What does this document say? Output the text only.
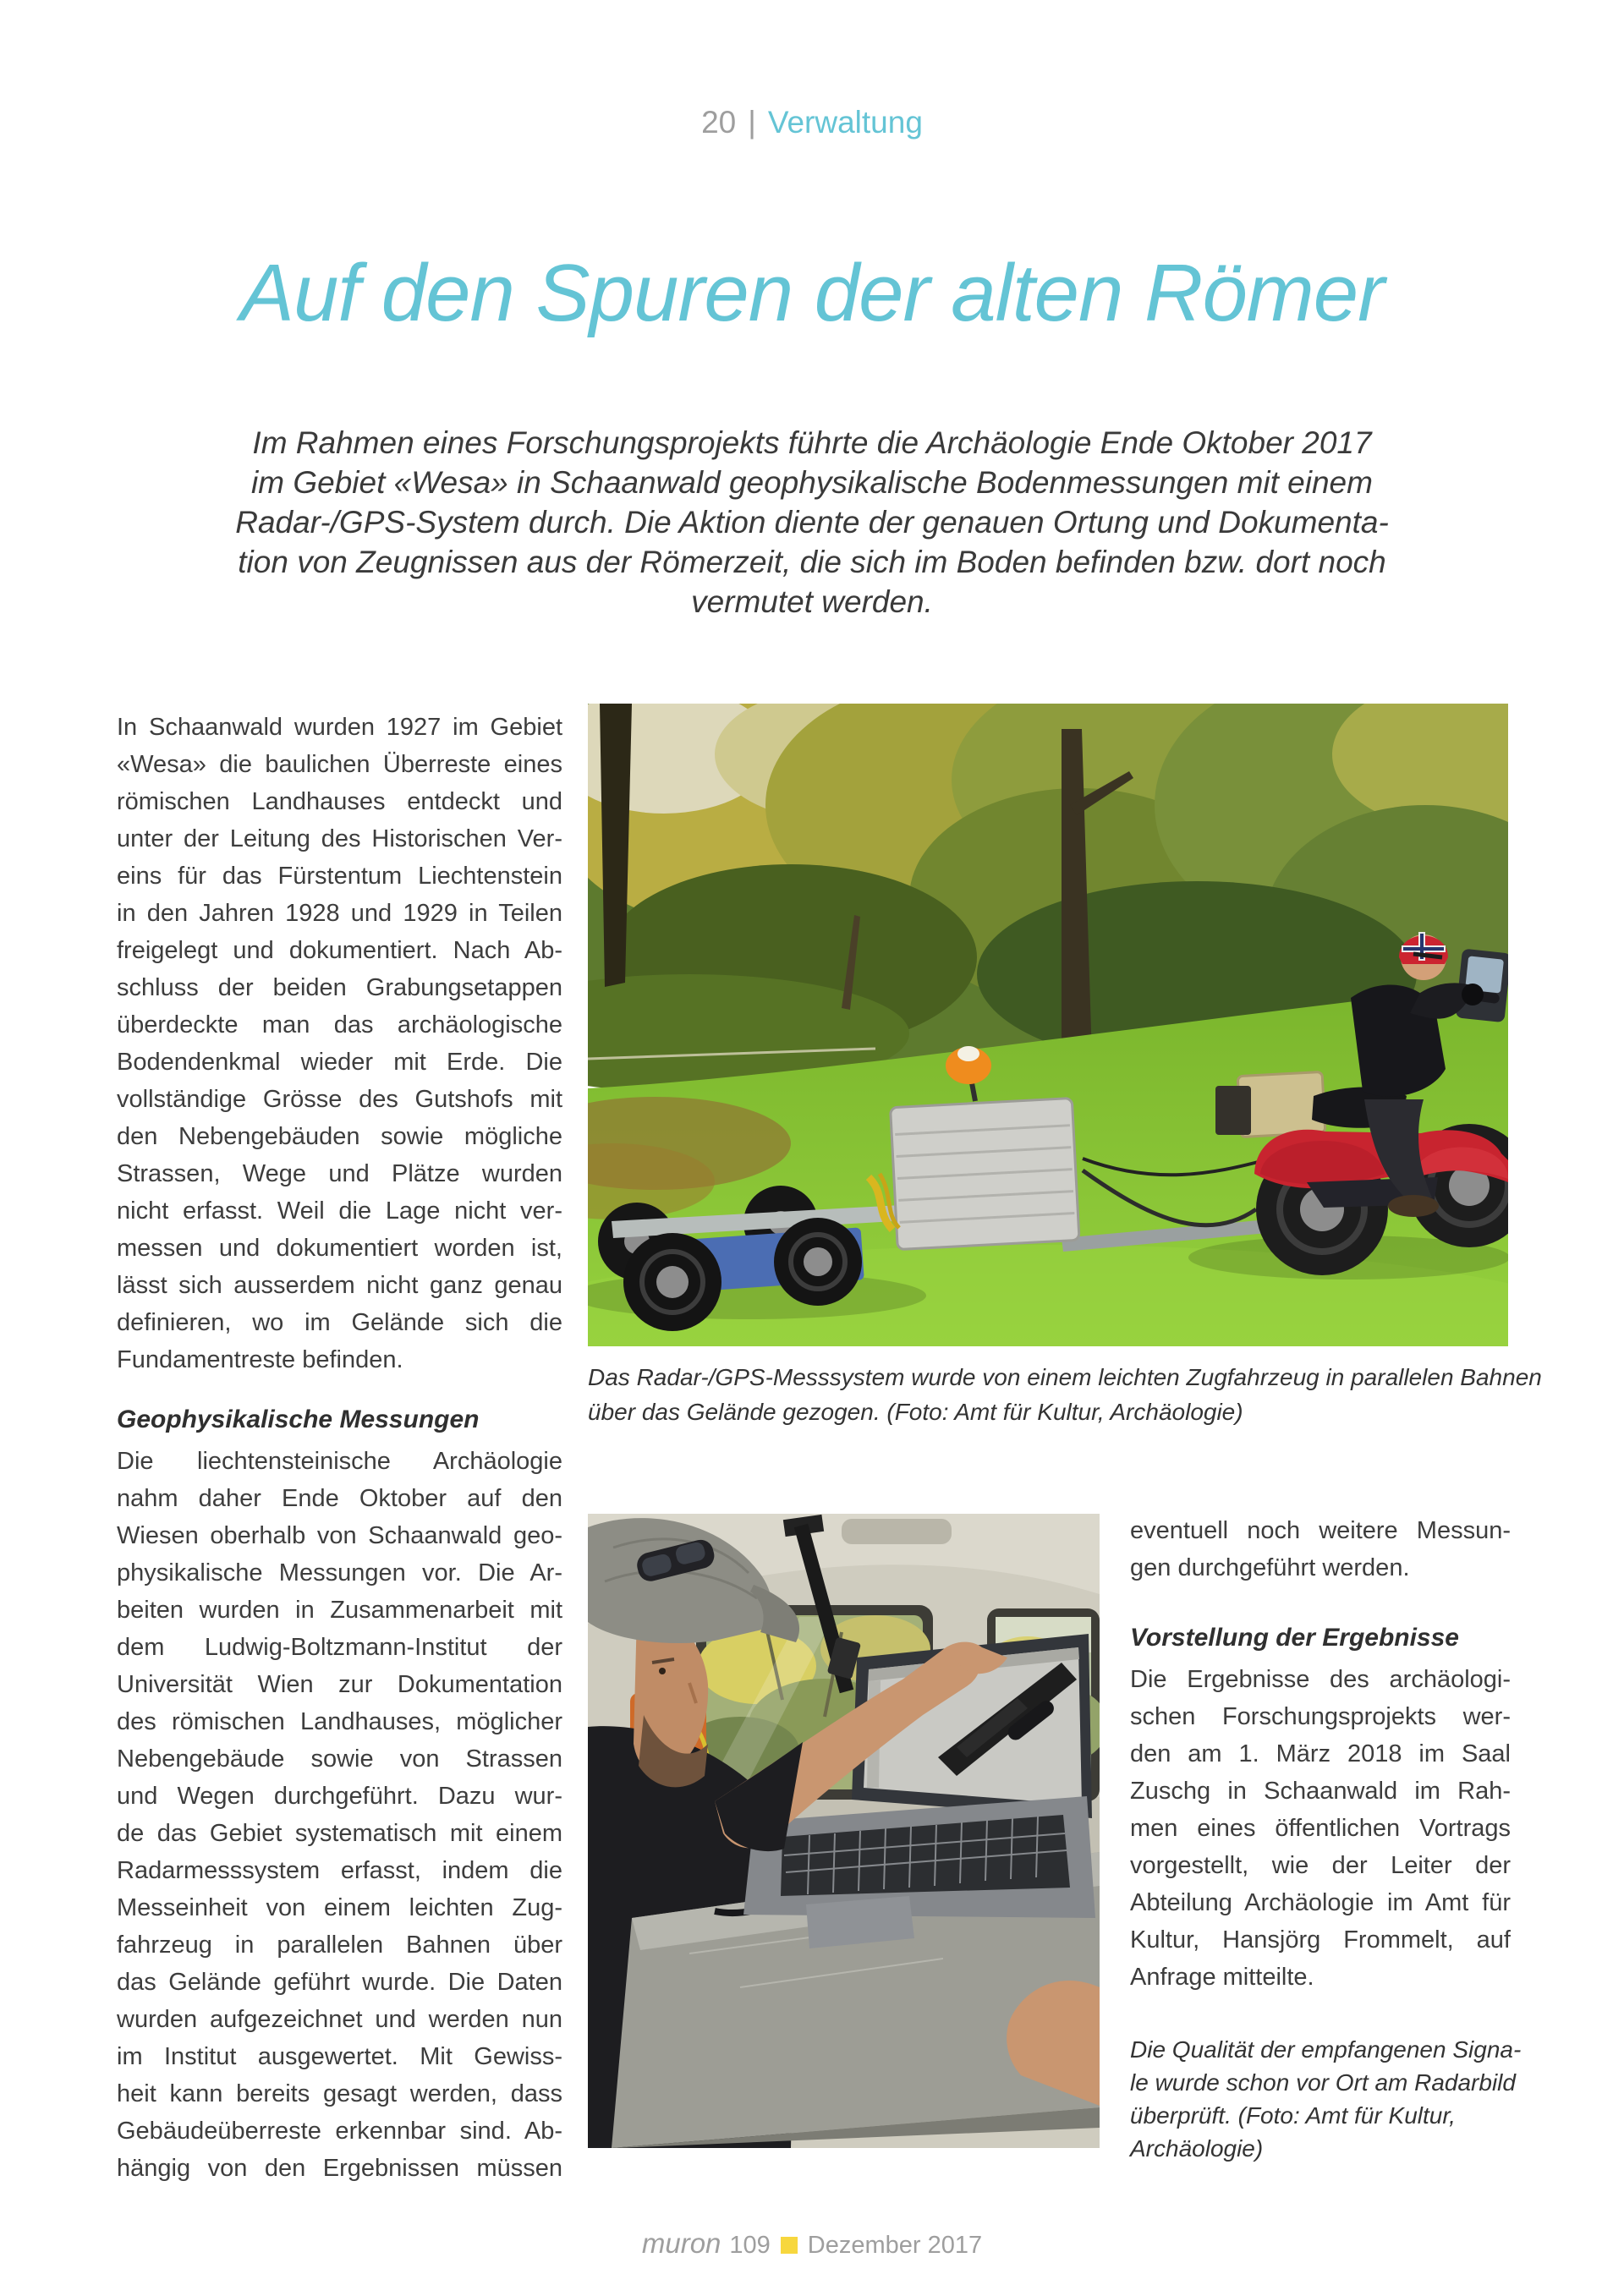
20 | Verwaltung
Auf den Spuren der alten Römer
Im Rahmen eines Forschungsprojekts führte die Archäologie Ende Oktober 2017
im Gebiet «Wesa» in Schaanwald geophysikalische Bodenmessungen mit einem
Radar-/GPS-System durch. Die Aktion diente der genauen Ortung und Dokumenta-
tion von Zeugnissen aus der Römerzeit, die sich im Boden befinden bzw. dort noch
vermutet werden.
In Schaanwald wurden 1927 im Gebiet
«Wesa» die baulichen Überreste eines
römischen Landhauses entdeckt und
unter der Leitung des Historischen Ver-
eins für das Fürstentum Liechtenstein
in den Jahren 1928 und 1929 in Teilen
freigelegt und dokumentiert. Nach Ab-
schluss der beiden Grabungsetappen
überdeckte man das archäologische
Bodendenkmal wieder mit Erde. Die
vollständige Grösse des Gutshofs mit
den Nebengebäuden sowie mögliche
Strassen, Wege und Plätze wurden
nicht erfasst. Weil die Lage nicht ver-
messen und dokumentiert worden ist,
lässt sich ausserdem nicht ganz genau
definieren, wo im Gelände sich die
Fundamentreste befinden.
Geophysikalische Messungen
Die liechtensteinische Archäologie
nahm daher Ende Oktober auf den
Wiesen oberhalb von Schaanwald geo-
physikalische Messungen vor. Die Ar-
beiten wurden in Zusammenarbeit mit
dem Ludwig-Boltzmann-Institut der
Universität Wien zur Dokumentation
des römischen Landhauses, möglicher
Nebengebäude sowie von Strassen
und Wegen durchgeführt. Dazu wur-
de das Gebiet systematisch mit einem
Radarmesssystem erfasst, indem die
Messeinheit von einem leichten Zug-
fahrzeug in parallelen Bahnen über
das Gelände geführt wurde. Die Daten
wurden aufgezeichnet und werden nun
im Institut ausgewertet. Mit Gewiss-
heit kann bereits gesagt werden, dass
Gebäudeüberreste erkennbar sind. Ab-
hängig von den Ergebnissen müssen
Das Radar-/GPS-Messsystem wurde von einem leichten Zugfahrzeug in parallelen Bahnen
über das Gelände gezogen. (Foto: Amt für Kultur, Archäologie)
eventuell noch weitere Messun-
gen durchgeführt werden.
Vorstellung der Ergebnisse
Die Ergebnisse des archäologi-
schen Forschungsprojekts wer-
den am 1. März 2018 im Saal
Zuschg in Schaanwald im Rah-
men eines öffentlichen Vortrags
vorgestellt, wie der Leiter der
Abteilung Archäologie im Amt für
Kultur, Hansjörg Frommelt, auf
Anfrage mitteilte.
Die Qualität der empfangenen Signa-
le wurde schon vor Ort am Radarbild
überprüft. (Foto: Amt für Kultur,
Archäologie)
muron 109 Dezember 2017
